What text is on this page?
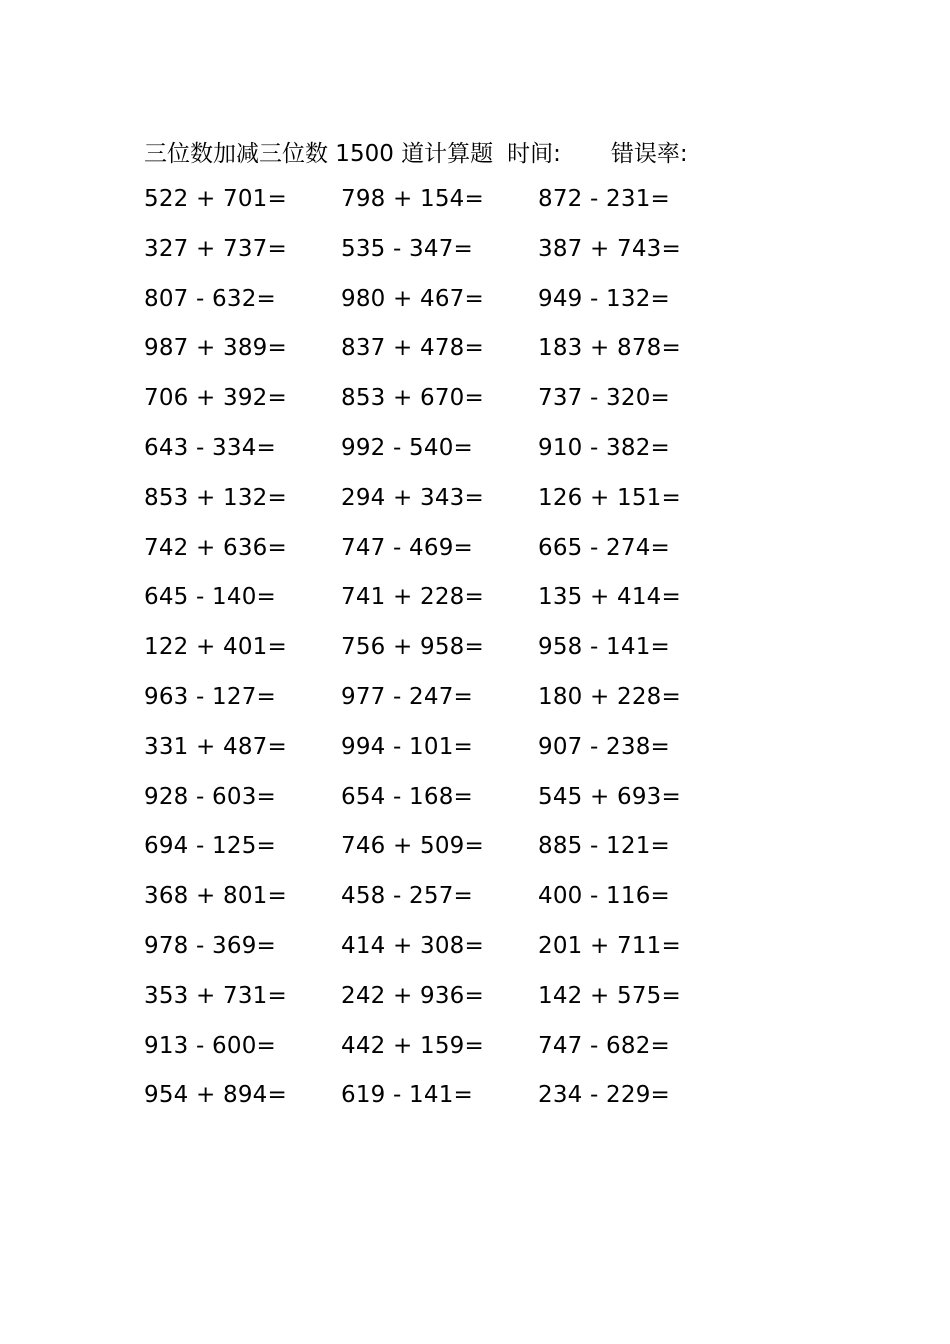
三位数加减三位数 1500 道计算题 时间: 错误率:
522 + 701=	798 + 154=	872 - 231=
327 + 737=	535 - 347=	387 + 743=
807 - 632=	980 + 467=	949 - 132=
987 + 389=	837 + 478=	183 + 878=
706 + 392=	853 + 670=	737 - 320=
643 - 334=	992 - 540=	910 - 382=
853 + 132=	294 + 343=	126 + 151=
742 + 636=	747 - 469=	665 - 274=
645 - 140=	741 + 228=	135 + 414=
122 + 401=	756 + 958=	958 - 141=
963 - 127=	977 - 247=	180 + 228=
331 + 487=	994 - 101=	907 - 238=
928 - 603=	654 - 168=	545 + 693=
694 - 125=	746 + 509=	885 - 121=
368 + 801=	458 - 257=	400 - 116=
978 - 369=	414 + 308=	201 + 711=
353 + 731=	242 + 936=	142 + 575=
913 - 600=	442 + 159=	747 - 682=
954 + 894=	619 - 141=	234 - 229=
